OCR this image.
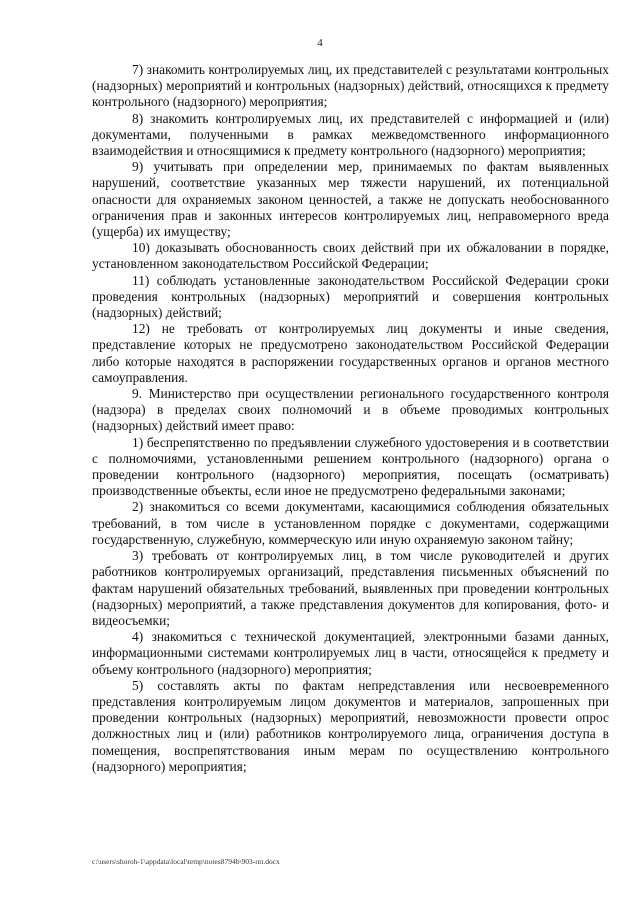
4

7) знакомить контролируемых лиц, их представителей с результатами контрольных (надзорных) мероприятий и контрольных (надзорных) действий, относящихся к предмету контрольного (надзорного) мероприятия;

8) знакомить контролируемых лиц, их представителей с информацией и (или) документами, полученными в рамках межведомственного информационного взаимодействия и относящимися к предмету контрольного (надзорного) мероприятия;

9) учитывать при определении мер, принимаемых по фактам выявленных нарушений, соответствие указанных мер тяжести нарушений, их потенциальной опасности для охраняемых законом ценностей, а также не допускать необоснованного ограничения прав и законных интересов контролируемых лиц, неправомерного вреда (ущерба) их имуществу;

10) доказывать обоснованность своих действий при их обжаловании в порядке, установленном законодательством Российской Федерации;

11) соблюдать установленные законодательством Российской Федерации сроки проведения контрольных (надзорных) мероприятий и совершения контрольных (надзорных) действий;

12) не требовать от контролируемых лиц документы и иные сведения, представление которых не предусмотрено законодательством Российской Федерации либо которые находятся в распоряжении государственных органов и органов местного самоуправления.

9. Министерство при осуществлении регионального государственного контроля (надзора) в пределах своих полномочий и в объеме проводимых контрольных (надзорных) действий имеет право:

1) беспрепятственно по предъявлении служебного удостоверения и в соответствии с полномочиями, установленными решением контрольного (надзорного) органа о проведении контрольного (надзорного) мероприятия, посещать (осматривать) производственные объекты, если иное не предусмотрено федеральными законами;

2) знакомиться со всеми документами, касающимися соблюдения обязательных требований, в том числе в установленном порядке с документами, содержащими государственную, служебную, коммерческую или иную охраняемую законом тайну;

3) требовать от контролируемых лиц, в том числе руководителей и других работников контролируемых организаций, представления письменных объяснений по фактам нарушений обязательных требований, выявленных при проведении контрольных (надзорных) мероприятий, а также представления документов для копирования, фото- и видеосъемки;

4) знакомиться с технической документацией, электронными базами данных, информационными системами контролируемых лиц в части, относящейся к предмету и объему контрольного (надзорного) мероприятия;

5) составлять акты по фактам непредставления или несвоевременного представления контролируемым лицом документов и материалов, запрошенных при проведении контрольных (надзорных) мероприятий, невозможности провести опрос должностных лиц и (или) работников контролируемого лица, ограничения доступа в помещения, воспрепятствования иным мерам по осуществлению контрольного (надзорного) мероприятия;

c:\users\shoroh-1\appdata\local\temp\notes8794b\903-пп.docx
